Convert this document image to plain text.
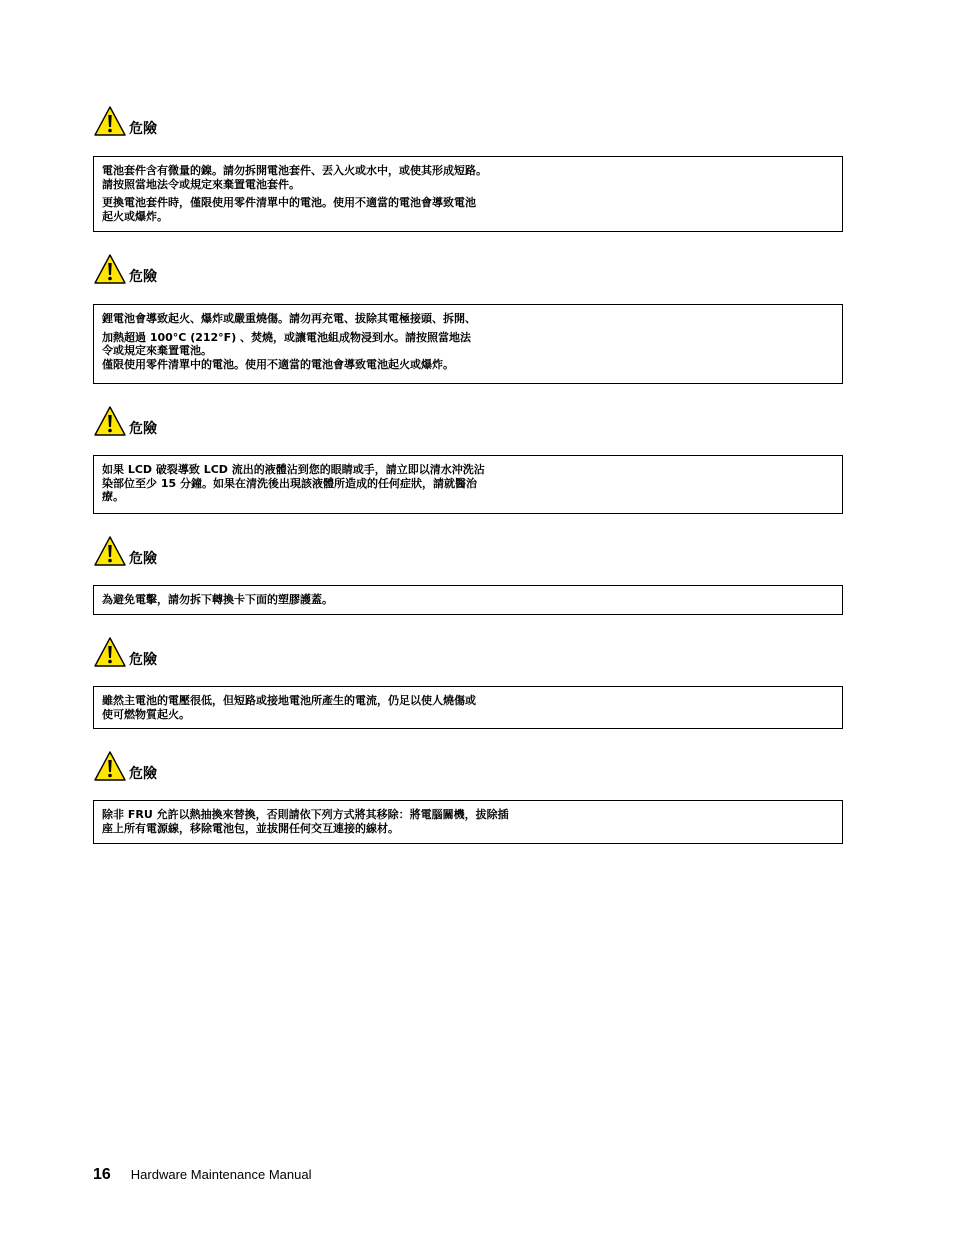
危險

電池套件含有微量的鎳。請勿拆開電池套件、丟入火或水中，或使其形成短路。
請按照當地法令或規定來棄置電池套件。

更換電池套件時，僅限使用零件清單中的電池。使用不適當的電池會導致電池
起火或爆炸。

危險

鋰電池會導致起火、爆炸或嚴重燒傷。請勿再充電、拔除其電極接頭、拆開、

加熱超過 100°C (212°F) 、焚燒，或讓電池組成物浸到水。請按照當地法
令或規定來棄置電池。
僅限使用零件清單中的電池。使用不適當的電池會導致電池起火或爆炸。

危險

如果 LCD 破裂導致 LCD 流出的液體沾到您的眼睛或手，請立即以清水沖洗沾
染部位至少 15 分鐘。如果在清洗後出現該液體所造成的任何症狀，請就醫治
療。

危險

為避免電擊，請勿拆下轉換卡下面的塑膠護蓋。

危險

雖然主電池的電壓很低，但短路或接地電池所產生的電流，仍足以使人燒傷或
使可燃物質起火。

危險

除非 FRU 允許以熱抽換來替換，否則請依下列方式將其移除：將電腦關機，拔除插
座上所有電源線，移除電池包，並拔開任何交互連接的線材。

16 Hardware Maintenance Manual
